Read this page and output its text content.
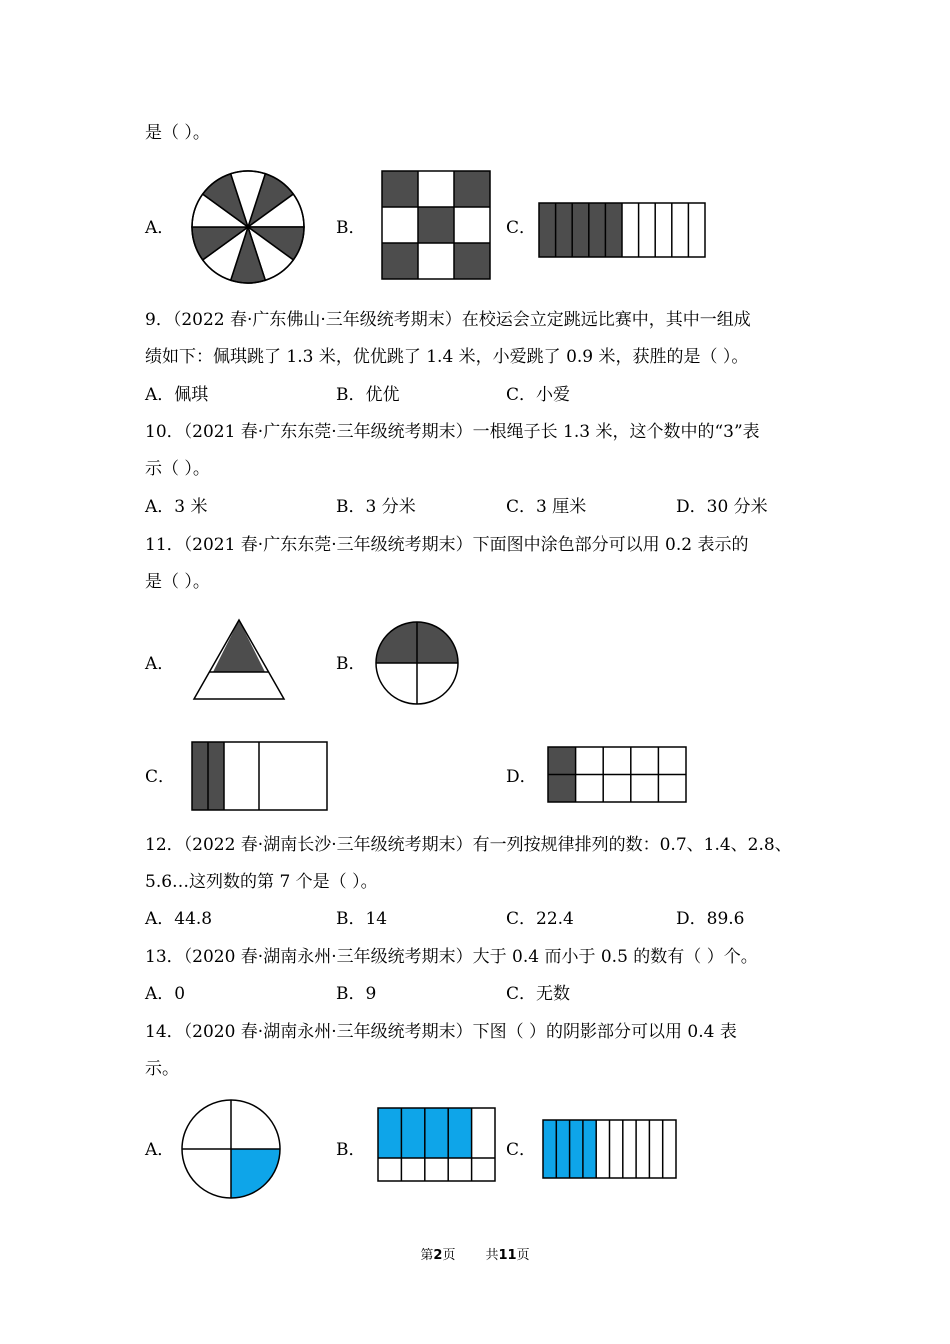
是（ ）。
A．	B．	C．
9．（2022 春·广东佛山·三年级统考期末）在校运会立定跳远比赛中，其中一组成
绩如下：佩琪跳了 1.3 米，优优跳了 1.4 米，小爱跳了 0.9 米，获胜的是（ ）。
A．佩琪	B．优优	C．小爱
10．（2021 春·广东东莞·三年级统考期末）一根绳子长 1.3 米，这个数中的“3”表
示（ ）。
A．3 米	B．3 分米	C．3 厘米	D．30 分米
11．（2021 春·广东东莞·三年级统考期末）下面图中涂色部分可以用 0.2 表示的
是（ ）。
A．	B．
C．	D．
12．（2022 春·湖南长沙·三年级统考期末）有一列按规律排列的数：0.7、1.4、2.8、
5.6…这列数的第 7 个是（ ）。
A．44.8	B．14	C．22.4	D．89.6
13．（2020 春·湖南永州·三年级统考期末）大于 0.4 而小于 0.5 的数有（ ）个。
A．0	B．9	C．无数
14．（2020 春·湖南永州·三年级统考期末）下图（ ）的阴影部分可以用 0.4 表
示。
A．	B．	C．
第2页 共11页
